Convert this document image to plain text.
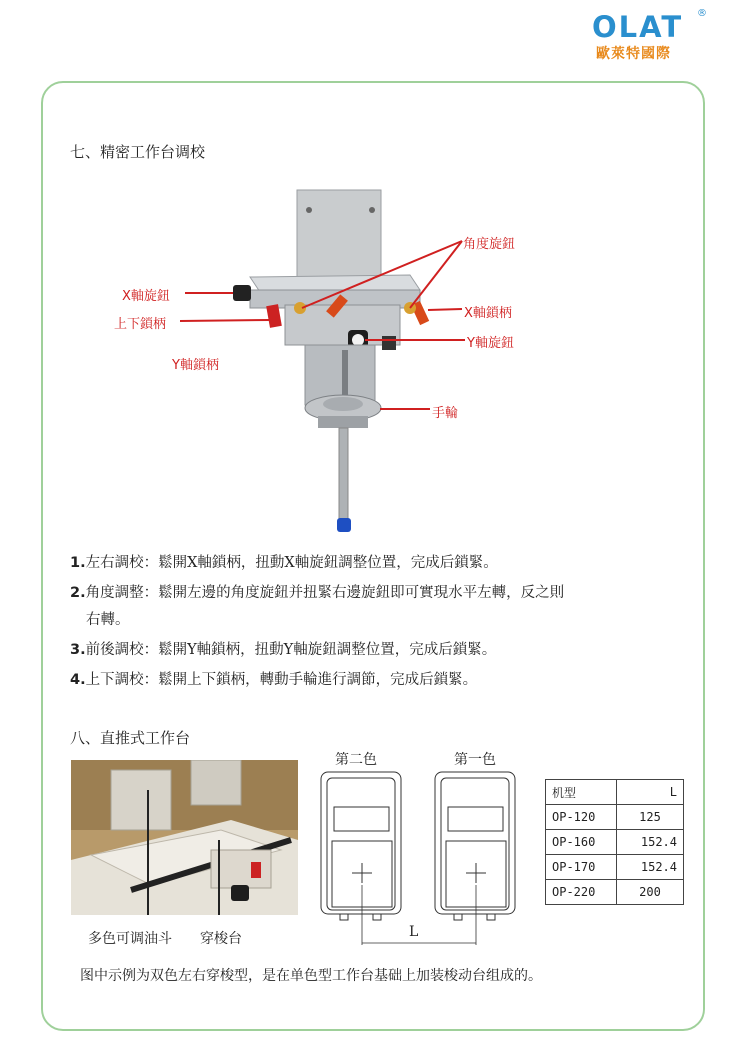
OLAT ®
歐萊特國際
七、精密工作台调校
X軸旋鈕
上下鎖柄
Y軸鎖柄
角度旋鈕
X軸鎖柄
Y軸旋鈕
手輪
1.左右調校：鬆開X軸鎖柄，扭動X軸旋鈕調整位置，完成后鎖緊。
2.角度調整：鬆開左邊的角度旋鈕并扭緊右邊旋鈕即可實現水平左轉，反之則
右轉。
3.前後調校：鬆開Y軸鎖柄，扭動Y軸旋鈕調整位置，完成后鎖緊。
4.上下調校：鬆開上下鎖柄，轉動手輪進行調節，完成后鎖緊。
八、直推式工作台
多色可调油斗 穿梭台
第二色	第一色
L
机型	L
OP-120	125
OP-160	152.4
OP-170	152.4
OP-220	200
图中示例为双色左右穿梭型，是在单色型工作台基础上加装梭动台组成的。
